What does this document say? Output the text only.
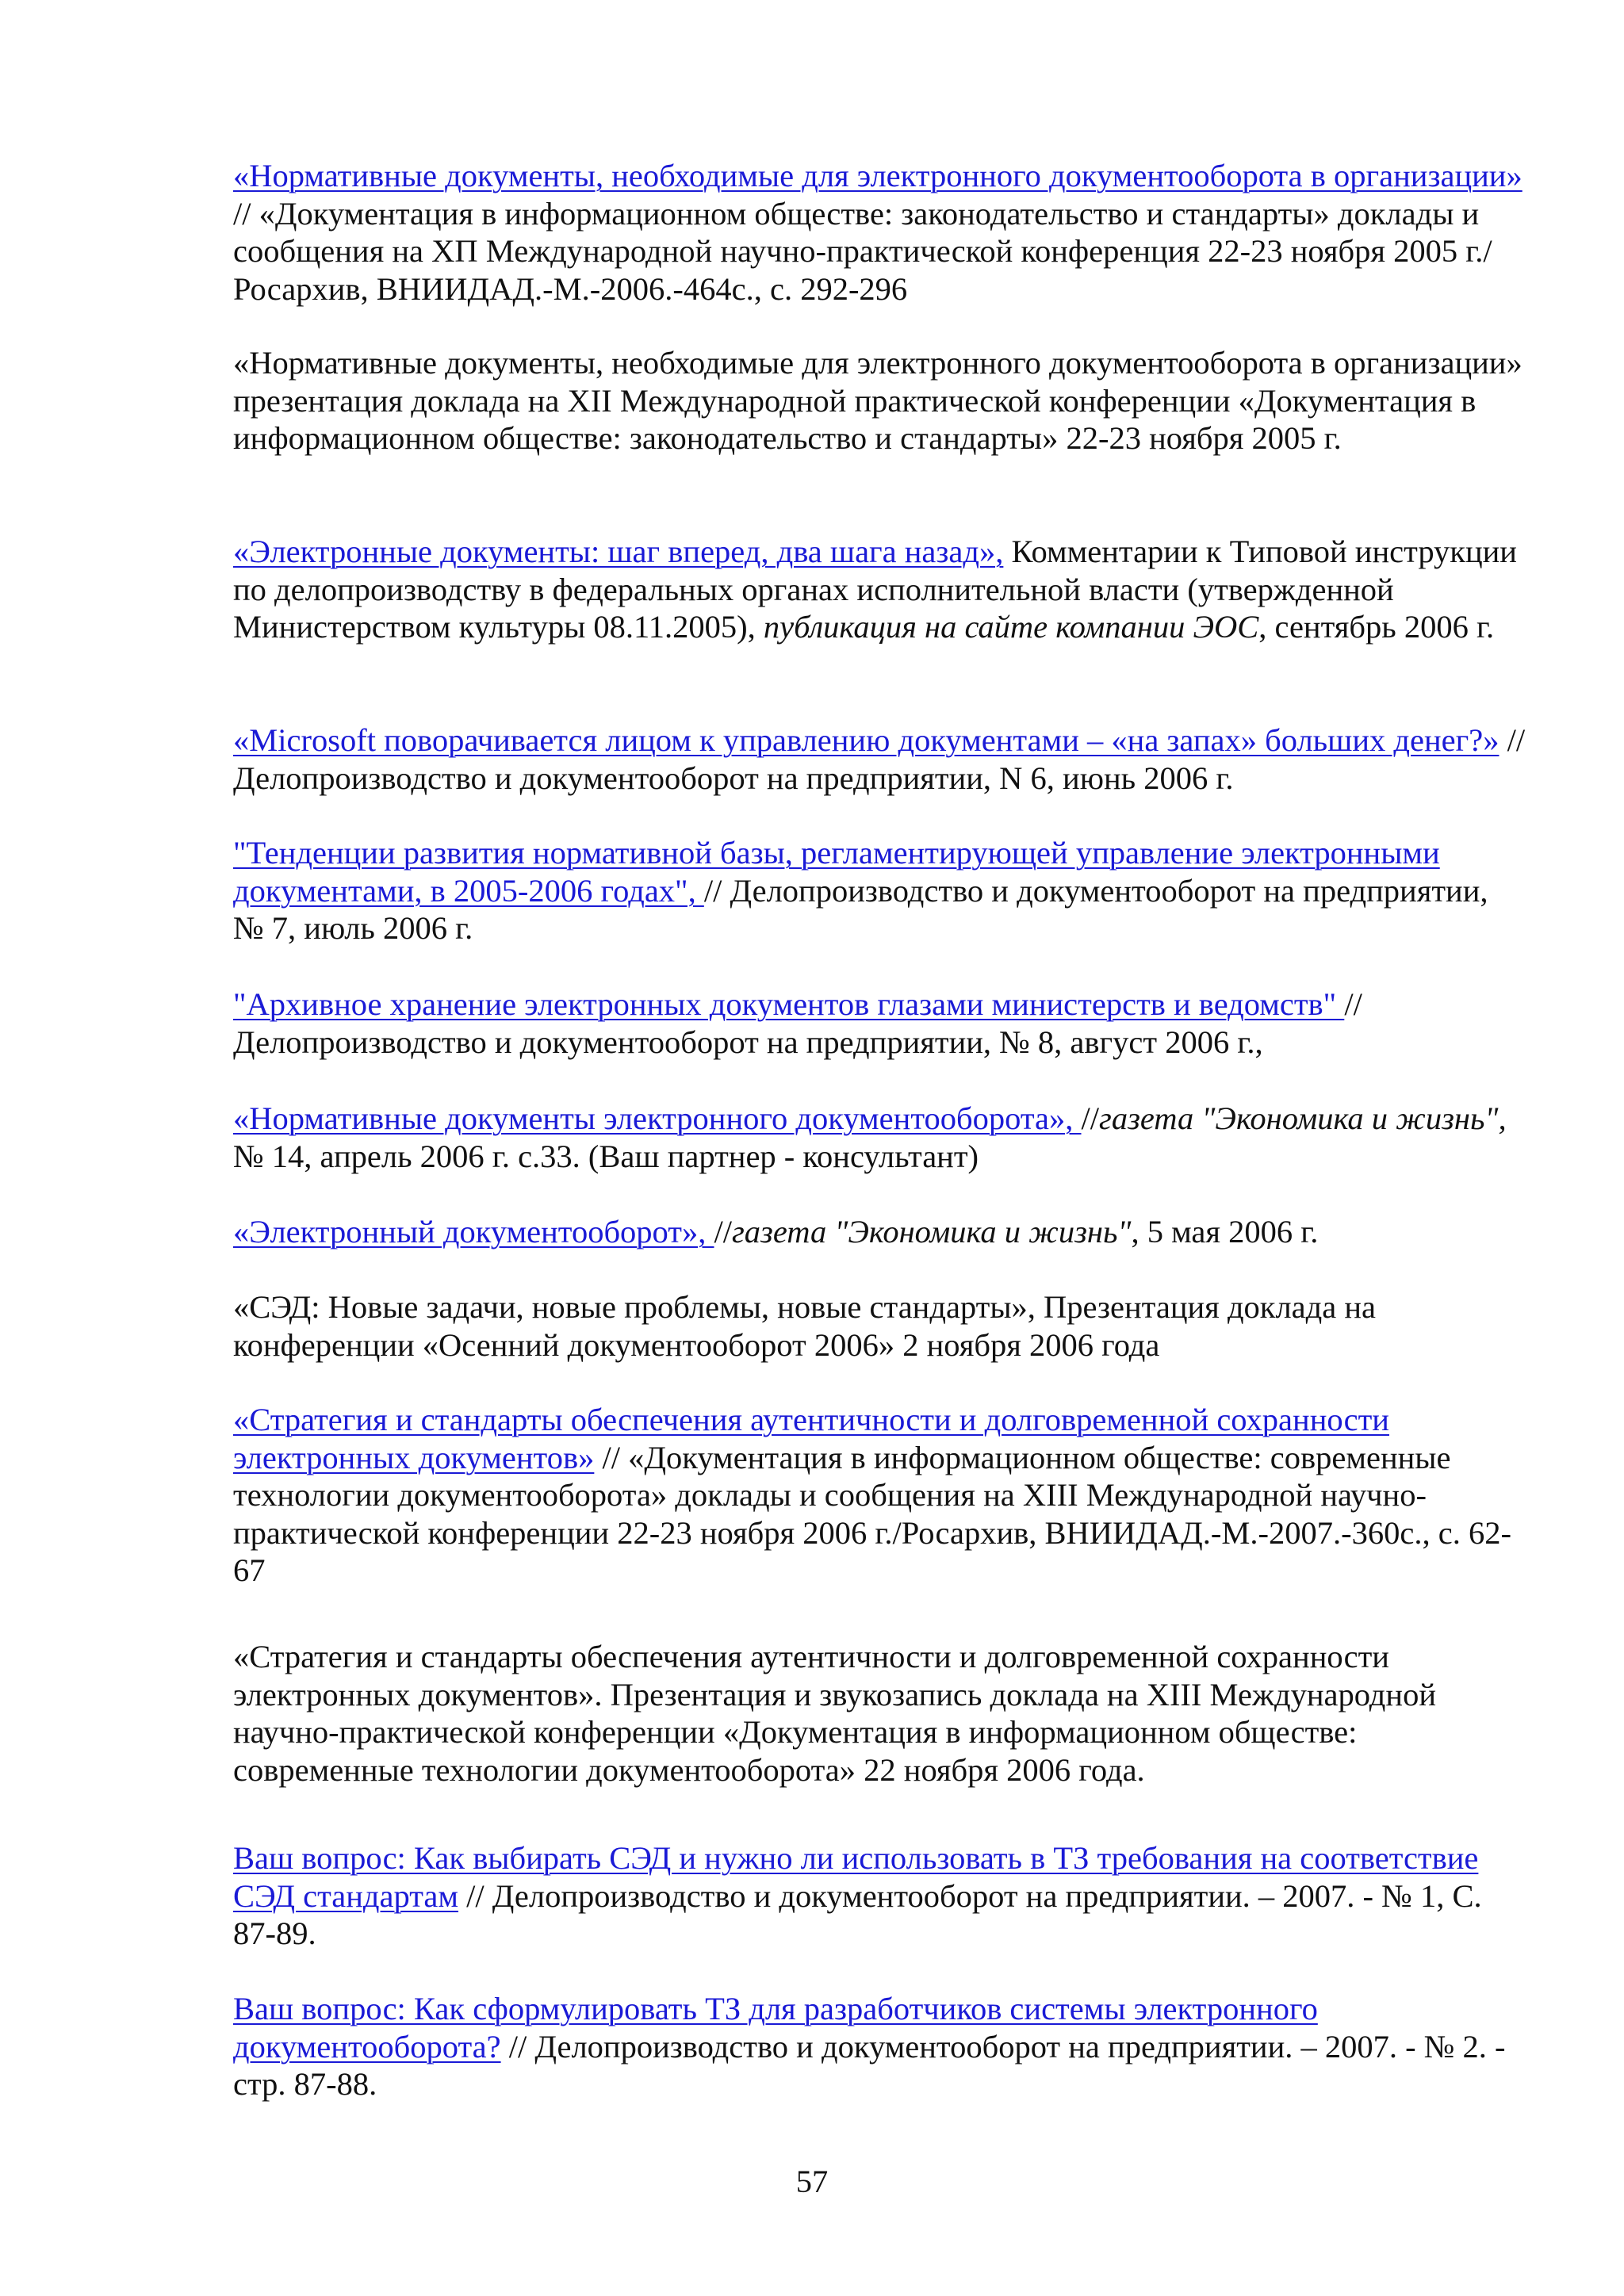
«Нормативные документы, необходимые для электронного документооборота в организации» // «Документация в информационном обществе: законодательство и стандарты» доклады и сообщения на ХП Международной научно-практической конференция 22-23 ноября 2005 г./Росархив, ВНИИДАД.-М.-2006.-464с., с. 292-296

«Нормативные документы, необходимые для электронного документооборота в организации» презентация доклада на XII Международной практической конференции «Документация в информационном обществе: законодательство и стандарты» 22-23 ноября 2005 г.

«Электронные документы: шаг вперед, два шага назад», Комментарии к Типовой инструкции по делопроизводству в федеральных органах исполнительной власти (утвержденной Министерством культуры 08.11.2005), публикация на сайте компании ЭОС, сентябрь 2006 г.

«Microsoft поворачивается лицом к управлению документами – «на запах» больших денег?» // Делопроизводство и документооборот на предприятии, N 6, июнь 2006 г.

"Тенденции развития нормативной базы, регламентирующей управление электронными документами, в 2005-2006 годах", // Делопроизводство и документооборот на предприятии, № 7, июль 2006 г.

"Архивное хранение электронных документов глазами министерств и ведомств" //Делопроизводство и документооборот на предприятии, № 8, август 2006 г.,

«Нормативные документы электронного документооборота», //газета "Экономика и жизнь", № 14, апрель 2006 г. с.33. (Ваш партнер - консультант)

«Электронный документооборот», //газета "Экономика и жизнь", 5 мая 2006 г.

«СЭД: Новые задачи, новые проблемы, новые стандарты», Презентация доклада на конференции «Осенний документооборот 2006» 2 ноября 2006 года

«Стратегия и стандарты обеспечения аутентичности и долговременной сохранности электронных документов» // «Документация в информационном обществе: современные технологии документооборота» доклады и сообщения на XIII Международной научно-практической конференции 22-23 ноября 2006 г./Росархив, ВНИИДАД.-М.-2007.-360с., с. 62-67

«Стратегия и стандарты обеспечения аутентичности и долговременной сохранности электронных документов». Презентация и звукозапись доклада на XIII Международной научно-практической конференции «Документация в информационном обществе: современные технологии документооборота» 22 ноября 2006 года.

Ваш вопрос: Как выбирать СЭД и нужно ли использовать в ТЗ требования на соответствие СЭД стандартам // Делопроизводство и документооборот на предприятии. – 2007. - № 1, С. 87-89.

Ваш вопрос: Как сформулировать ТЗ для разработчиков системы электронного документооборота? // Делопроизводство и документооборот на предприятии. – 2007. - № 2. - стр. 87-88.

57
